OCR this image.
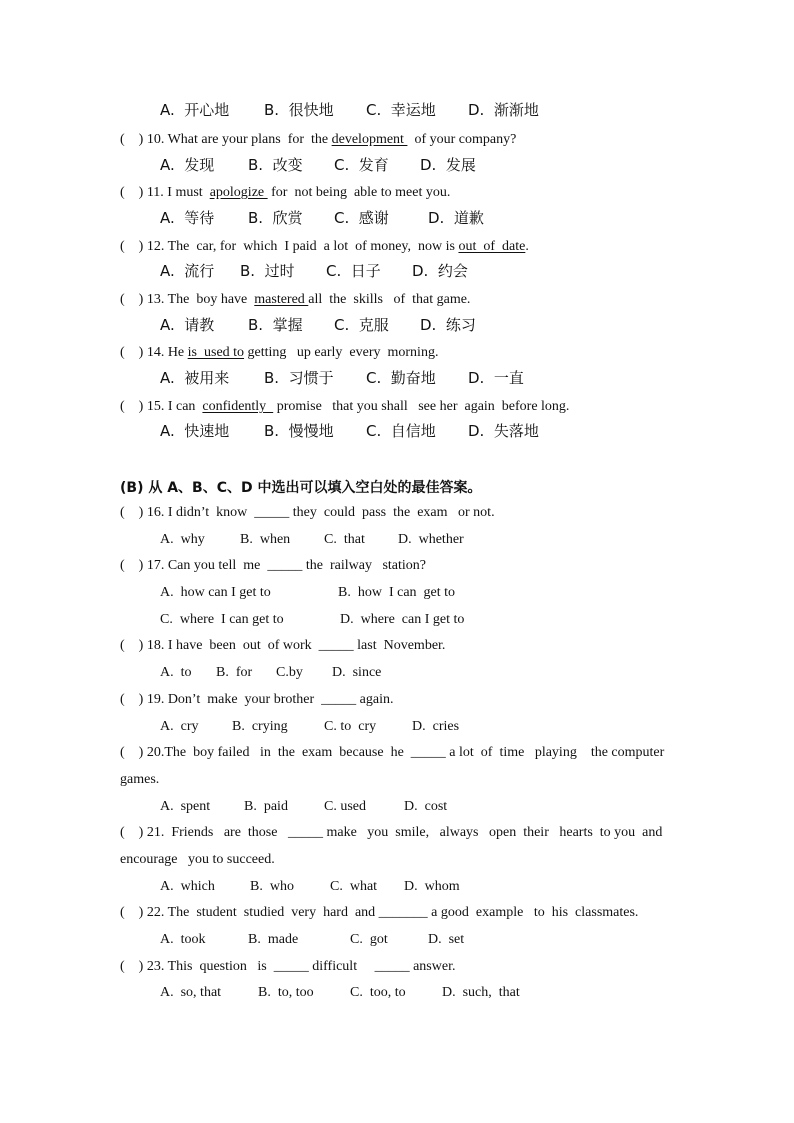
A.  开心地 B.  很快地 C.  幸运地 D.  渐渐地
(    ) 10. What are your plans  for  the development   of your company?
A.  发现 B.  改变 C.  发育 D.  发展
(    ) 11. I must  apologize  for  not being  able to meet you.
A.  等待 B.  欣赏 C.  感谢	D.  道歉
(    ) 12. The  car, for  which  I paid  a lot  of money,  now is out  of  date.
A.  流行 B.  过时 C.  日子 D.  约会
(    ) 13. The  boy have  mastered all  the  skills   of  that game.
A.  请教 B.  掌握 C.  克服 D.  练习
(    ) 14. He is  used to getting   up early  every  morning.
A.  被用来 B.  习惯于 C.  勤奋地 D.  一直
(    ) 15. I can  confidently   promise   that you shall   see her  again  before long.
A.  快速地 B.  慢慢地 C.  自信地 D.  失落地
(B) 从 A、B、C、D 中选出可以填入空白处的最佳答案。
(    ) 16. I didn’t  know  _____ they  could  pass  the  exam   or not.
A.  why	B.  when C.  that D.  whether
(    ) 17. Can you tell  me  _____ the  railway   station?
A.  how can I get to	B.  how  I can  get to
C.  where  I can get to	D.  where  can I get to
(    ) 18. I have  been  out  of work  _____ last  November.
A.  to B.  for C.by D.  since
(    ) 19. Don’t  make  your brother  _____ again.
A.  cry B.  crying	C. to  cry	D.  cries
(    ) 20.The  boy failed   in  the  exam  because  he  _____ a lot  of  time   playing    the computer
games.
A.  spent B.  paid	C. used	D.  cost
(    ) 21.  Friends   are  those   _____ make   you  smile,   always   open  their   hearts  to you  and
encourage   you to succeed.
A.  which	B.  who	C.  what D.  whom
(    ) 22. The  student  studied  very  hard  and _______ a good  example   to  his  classmates.
A.  took	B.  made	C.  got	D.  set
(    ) 23. This  question   is  _____ difficult     _____ answer.
A.  so, that	B.  to, too	C.  too, to	D.  such,  that
